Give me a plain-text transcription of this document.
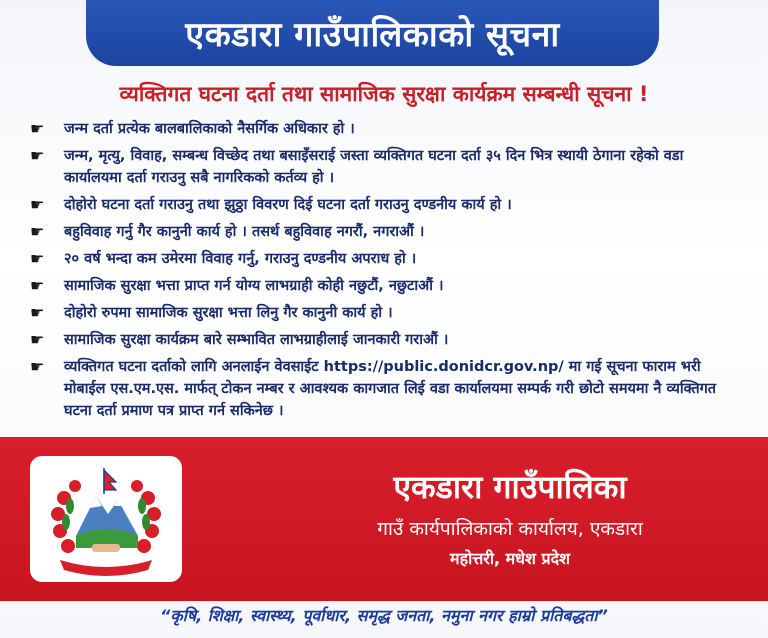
एकडारा गाउँपालिकाको सूचना
व्यक्तिगत घटना दर्ता तथा सामाजिक सुरक्षा कार्यक्रम सम्बन्धी सूचना !
☛	जन्म दर्ता प्रत्येक बालबालिकाको नैसर्गिक अधिकार हो ।
☛	जन्म, मृत्यु, विवाह, सम्बन्ध विच्छेद तथा बसाइँसराई जस्ता व्यक्तिगत घटना दर्ता ३५ दिन भित्र स्थायी ठेगाना रहेको वडा कार्यालयमा दर्ता गराउनु सबै नागरिकको कर्तव्य हो ।
☛	दोहोरो घटना दर्ता गराउनु तथा झुठ्ठा विवरण दिई घटना दर्ता गराउनु दण्डनीय कार्य हो ।
☛	बहुविवाह गर्नु गैर कानुनी कार्य हो । तसर्थ बहुविवाह नगरौं, नगराऔं ।
☛	२० वर्ष भन्दा कम उमेरमा विवाह गर्नु, गराउनु दण्डनीय अपराध हो ।
☛	सामाजिक सुरक्षा भत्ता प्राप्त गर्न योग्य लाभग्राही कोही नछुटौं, नछुटाऔं ।
☛	दोहोरो रुपमा सामाजिक सुरक्षा भत्ता लिनु गैर कानुनी कार्य हो ।
☛	सामाजिक सुरक्षा कार्यक्रम बारे सम्भावित लाभग्राहीलाई जानकारी गराऔं ।
☛	व्यक्तिगत घटना दर्ताको लागि अनलाईन वेवसाईट https://public.donidcr.gov.np/ मा गई सूचना फाराम भरी मोबाईल एस.एम.एस. मार्फत् टोकन नम्बर र आवश्यक कागजात लिई वडा कार्यालयमा सम्पर्क गरी छोटो समयमा नै व्यक्तिगत घटना दर्ता प्रमाण पत्र प्राप्त गर्न सकिनेछ ।
एकडारा गाउँपालिका
गाउँ कार्यपालिकाको कार्यालय, एकडारा
महोत्तरी, मधेश प्रदेश
“कृषि, शिक्षा, स्वास्थ्य, पूर्वाधार, समृद्ध जनता, नमुना नगर हाम्रो प्रतिबद्धता”
